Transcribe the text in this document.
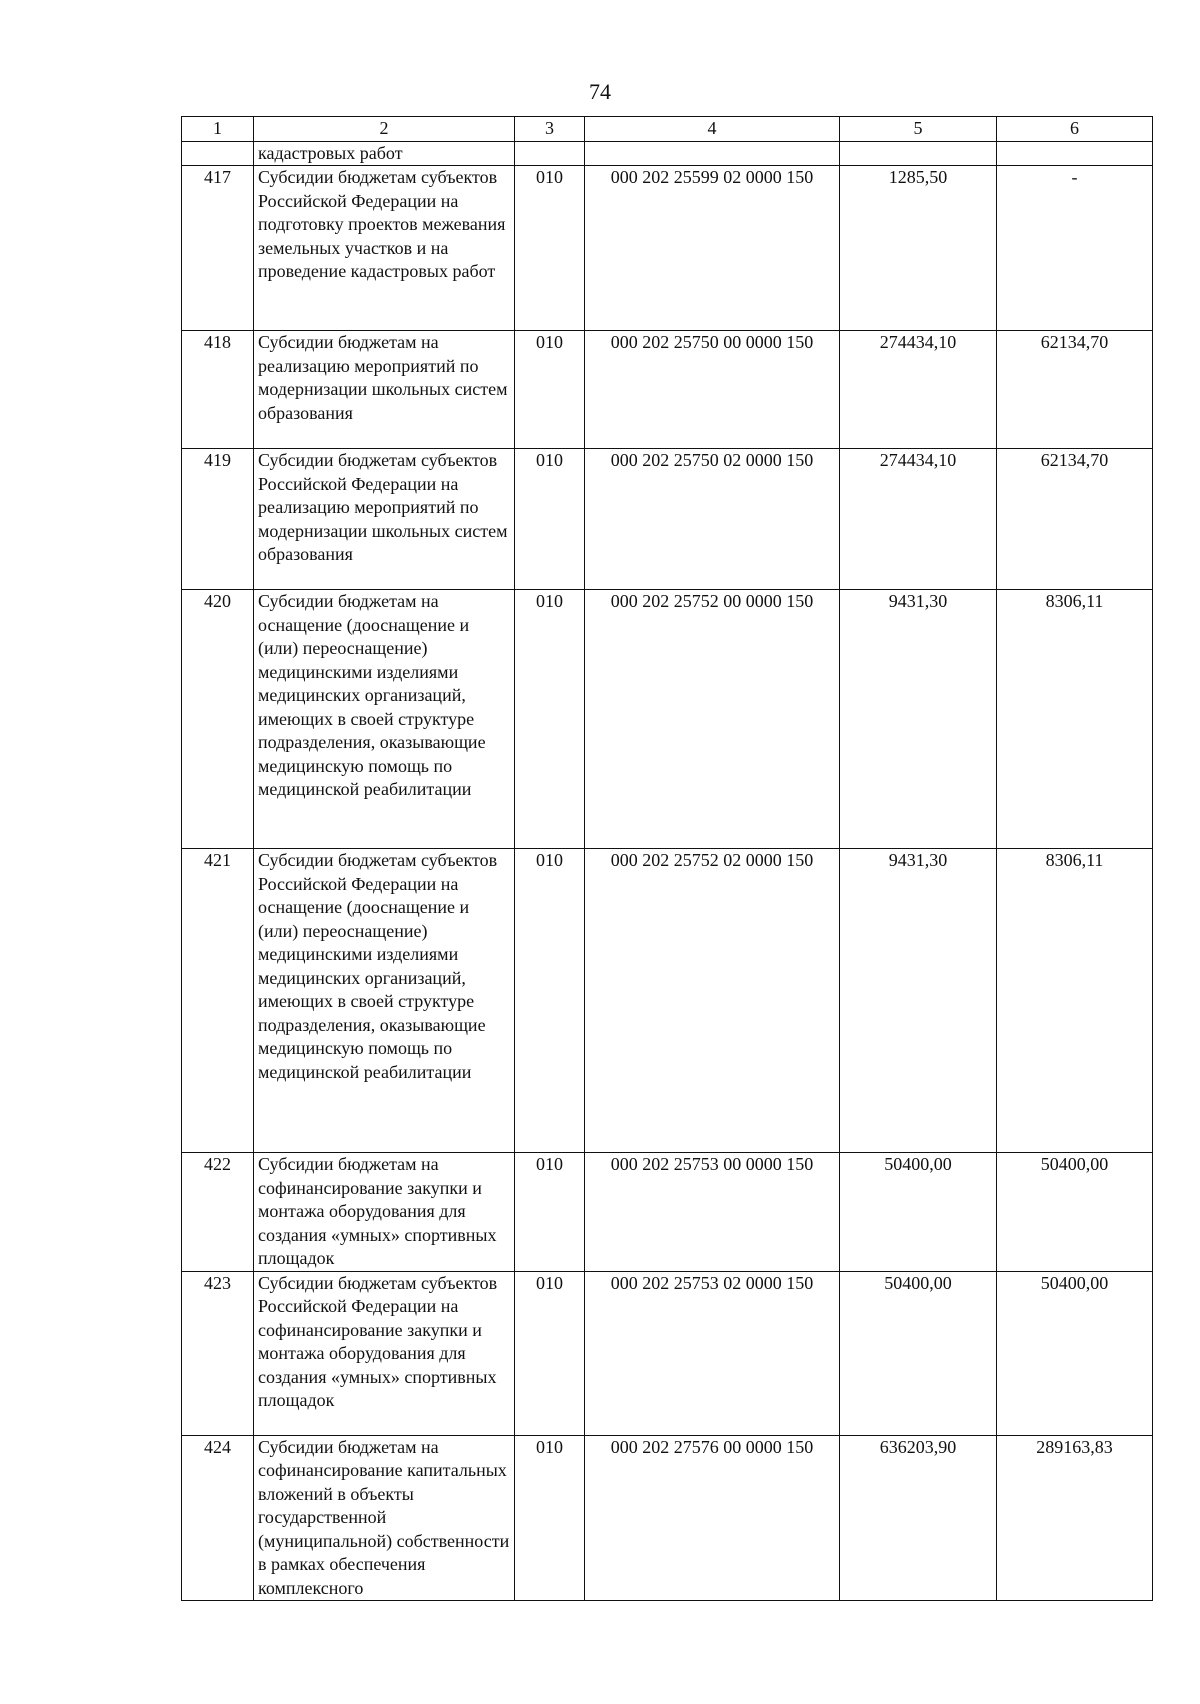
74
1	2	3	4	5	6
	кадастровых работ				
417	Субсидии бюджетам субъектов Российской Федерации на подготовку проектов межевания земельных участков и на проведение кадастровых работ	010	000 202 25599 02 0000 150	1285,50	-
418	Субсидии бюджетам на реализацию мероприятий по модернизации школьных систем образования	010	000 202 25750 00 0000 150	274434,10	62134,70
419	Субсидии бюджетам субъектов Российской Федерации на реализацию мероприятий по модернизации школьных систем образования	010	000 202 25750 02 0000 150	274434,10	62134,70
420	Субсидии бюджетам на оснащение (дооснащение и (или) переоснащение) медицинскими изделиями медицинских организаций, имеющих в своей структуре подразделения, оказывающие медицинскую помощь по медицинской реабилитации	010	000 202 25752 00 0000 150	9431,30	8306,11
421	Субсидии бюджетам субъектов Российской Федерации на оснащение (дооснащение и (или) переоснащение) медицинскими изделиями медицинских организаций, имеющих в своей структуре подразделения, оказывающие медицинскую помощь по медицинской реабилитации	010	000 202 25752 02 0000 150	9431,30	8306,11
422	Субсидии бюджетам на софинансирование закупки и монтажа оборудования для создания «умных» спортивных площадок	010	000 202 25753 00 0000 150	50400,00	50400,00
423	Субсидии бюджетам субъектов Российской Федерации на софинансирование закупки и монтажа оборудования для создания «умных» спортивных площадок	010	000 202 25753 02 0000 150	50400,00	50400,00
424	Субсидии бюджетам на софинансирование капитальных вложений в объекты государственной (муниципальной) собственности в рамках обеспечения комплексного	010	000 202 27576 00 0000 150	636203,90	289163,83
